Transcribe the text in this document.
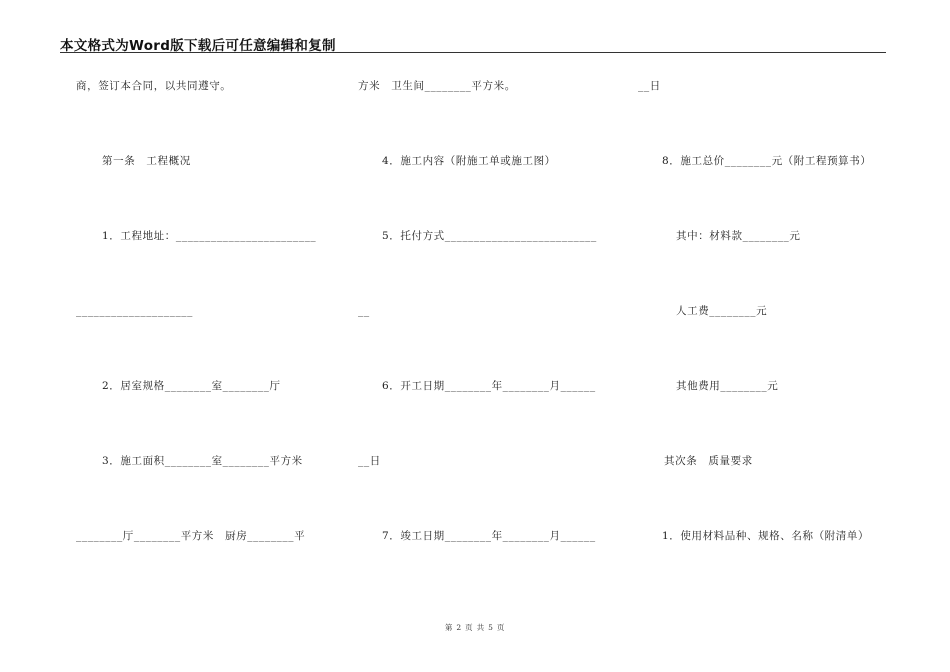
本文格式为Word版下载后可任意编辑和复制
商，签订本合同，以共同遵守。
第一条　工程概况
1．工程地址：________________________
____________________
2．居室规格________室________厅
3．施工面积________室________平方米
________厅________平方米　厨房________平
方米　卫生间________平方米。
4．施工内容（附施工单或施工图）
5．托付方式__________________________
__
6．开工日期________年________月______
__日
7．竣工日期________年________月______
__日
8．施工总价________元（附工程预算书）
其中：材料款________元
人工费________元
其他费用________元
其次条　质量要求
1．使用材料品种、规格、名称（附清单）
第 2 页 共 5 页
